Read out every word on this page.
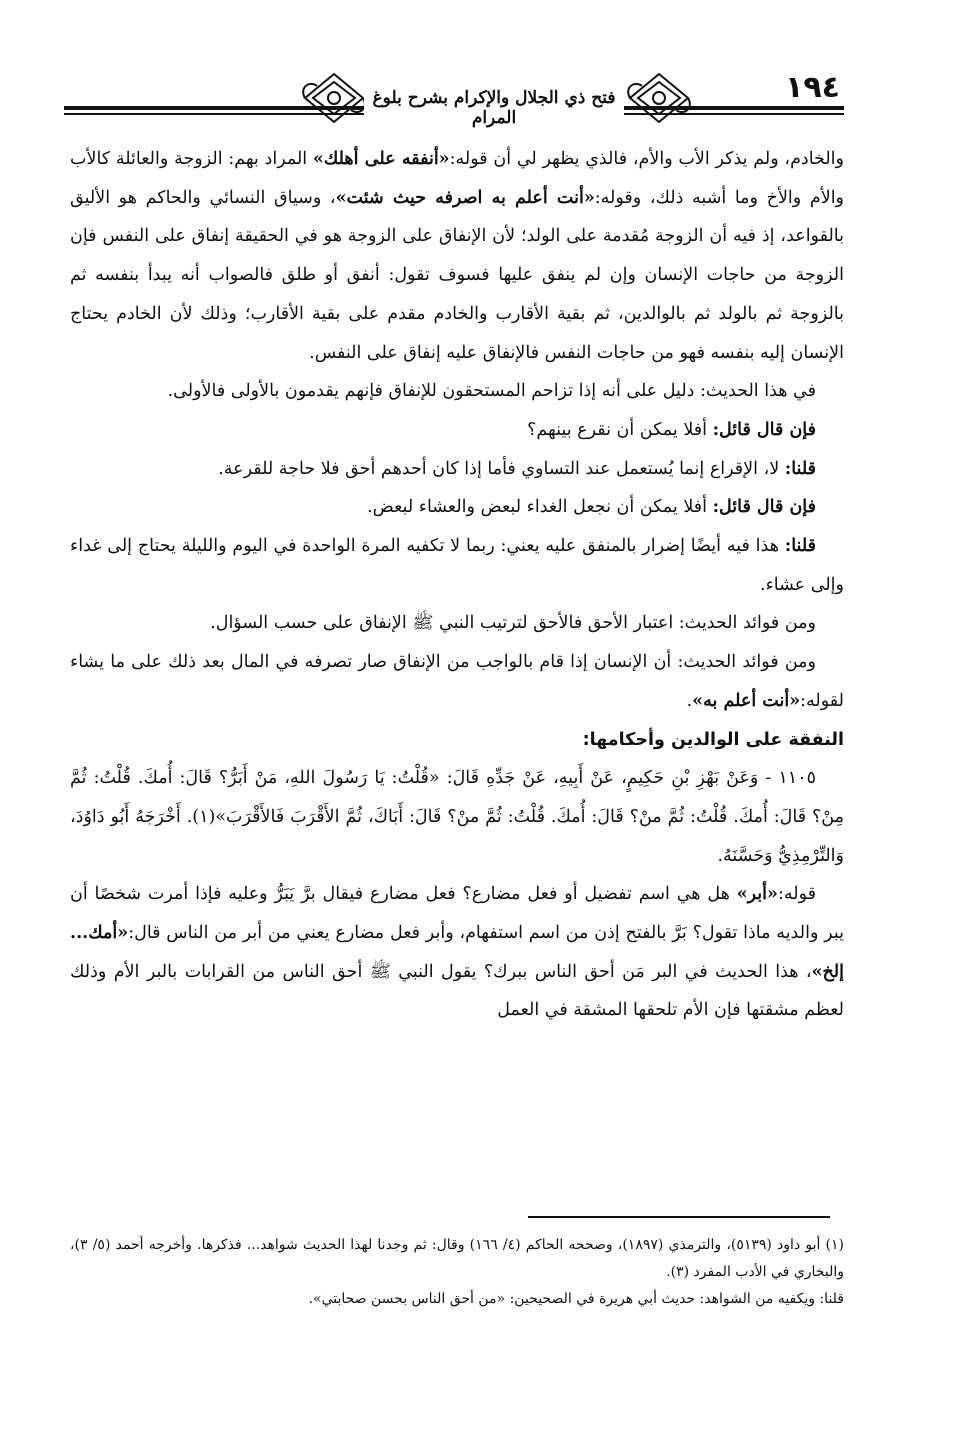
فتح ذي الجلال والإكرام بشرح بلوغ المرام
١٩٤

والخادم، ولم يذكر الأب والأم، فالذي يظهر لي أن قوله:«أنفقه على أهلك» المراد بهم: الزوجة والعائلة كالأب والأم والأخ وما أشبه ذلك، وقوله:«أنت أعلم به اصرفه حيث شئت»، وسياق النسائي والحاكم هو الأليق بالقواعد، إذ فيه أن الزوجة مُقدمة على الولد؛ لأن الإنفاق على الزوجة هو في الحقيقة إنفاق على النفس فإن الزوجة من حاجات الإنسان وإن لم ينفق عليها فسوف تقول: أنفق أو طلق فالصواب أنه يبدأ بنفسه ثم بالزوجة ثم بالولد ثم بالوالدين، ثم بقية الأقارب والخادم مقدم على بقية الأقارب؛ وذلك لأن الخادم يحتاج الإنسان إليه بنفسه فهو من حاجات النفس فالإنفاق عليه إنفاق على النفس.

في هذا الحديث: دليل على أنه إذا تزاحم المستحقون للإنفاق فإنهم يقدمون بالأولى فالأولى.

فإن قال قائل: أفلا يمكن أن نقرع بينهم؟

قلنا: لا، الإقراع إنما يُستعمل عند التساوي فأما إذا كان أحدهم أحق فلا حاجة للقرعة.

فإن قال قائل: أفلا يمكن أن نجعل الغداء لبعض والعشاء لبعض.

قلنا: هذا فيه أيضًا إضرار بالمنفق عليه يعني: ربما لا تكفيه المرة الواحدة في اليوم والليلة يحتاج إلى غداء وإلى عشاء.

ومن فوائد الحديث: اعتبار الأحق فالأحق لترتيب النبي ﷺ الإنفاق على حسب السؤال.

ومن فوائد الحديث: أن الإنسان إذا قام بالواجب من الإنفاق صار تصرفه في المال بعد ذلك على ما يشاء لقوله:«أنت أعلم به».

النفقة على الوالدين وأحكامها:

١١٠٥ - وَعَنْ بَهْزِ بْنِ حَكِيمٍ، عَنْ أَبِيهِ، عَنْ جَدِّهِ قَالَ: «قُلْتُ: يَا رَسُولَ اللهِ، مَنْ أَبَرُّ؟ قَالَ: أُمكَ. قُلْتُ: ثُمَّ مِنْ؟ قَالَ: أُمكَ. قُلْتُ: ثُمَّ منْ؟ قَالَ: أُمكَ. قُلْتُ: ثُمَّ منْ؟ قَالَ: أَبَاكَ، ثُمَّ الأَقْرَبَ فَالأَقْرَبَ»(١). أَخْرَجَهُ أَبُو دَاوُدَ، وَالتِّرْمِذِيُّ وَحَسَّنَهُ.

قوله:«أبر» هل هي اسم تفضيل أو فعل مضارع؟ فعل مضارع فيقال برَّ يَبَرُّ وعليه فإذا أمرت شخصًا أن يبر والديه ماذا تقول؟ بَرَّ بالفتح إذن من اسم استفهام، وأبر فعل مضارع يعني من أبر من الناس قال:«أمك... إلخ»، هذا الحديث في البر مَن أحق الناس ببرك؟ يقول النبي ﷺ أحق الناس من القرابات بالبر الأم وذلك لعظم مشقتها فإن الأم تلحقها المشقة في العمل

(١) أبو داود (٥١٣٩)، والترمذي (١٨٩٧)، وصححه الحاكم (٤/ ١٦٦) وقال: ثم وجدنا لهذا الحديث شواهد... فذكرها. وأخرجه أحمد (٥/ ٣)، والبخاري في الأدب المفرد (٣).

قلنا: ويكفيه من الشواهد: حديث أبي هريرة في الصحيحين: «من أحق الناس بحسن صحابتي».
